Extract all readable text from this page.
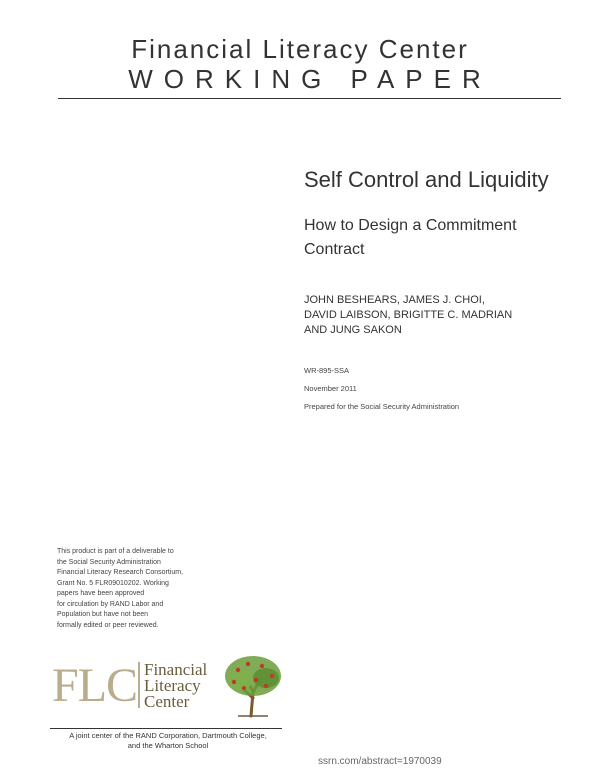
Financial Literacy Center
WORKING PAPER
Self Control and Liquidity
How to Design a Commitment Contract
JOHN BESHEARS, JAMES J. CHOI,
DAVID LAIBSON, BRIGITTE C. MADRIAN
AND JUNG SAKON
WR-895-SSA
November 2011
Prepared for the Social Security Administration
This product is part of a deliverable to
the Social Security Administration
Financial Literacy Research Consortium,
Grant No. 5 FLR09010202. Working
papers have been approved
for circulation by RAND Labor and
Population but have not been
formally edited or peer reviewed.
FLC Financial
Literacy
Center
A joint center of the RAND Corporation, Dartmouth College,
and the Wharton School
ssrn.com/abstract=1970039
